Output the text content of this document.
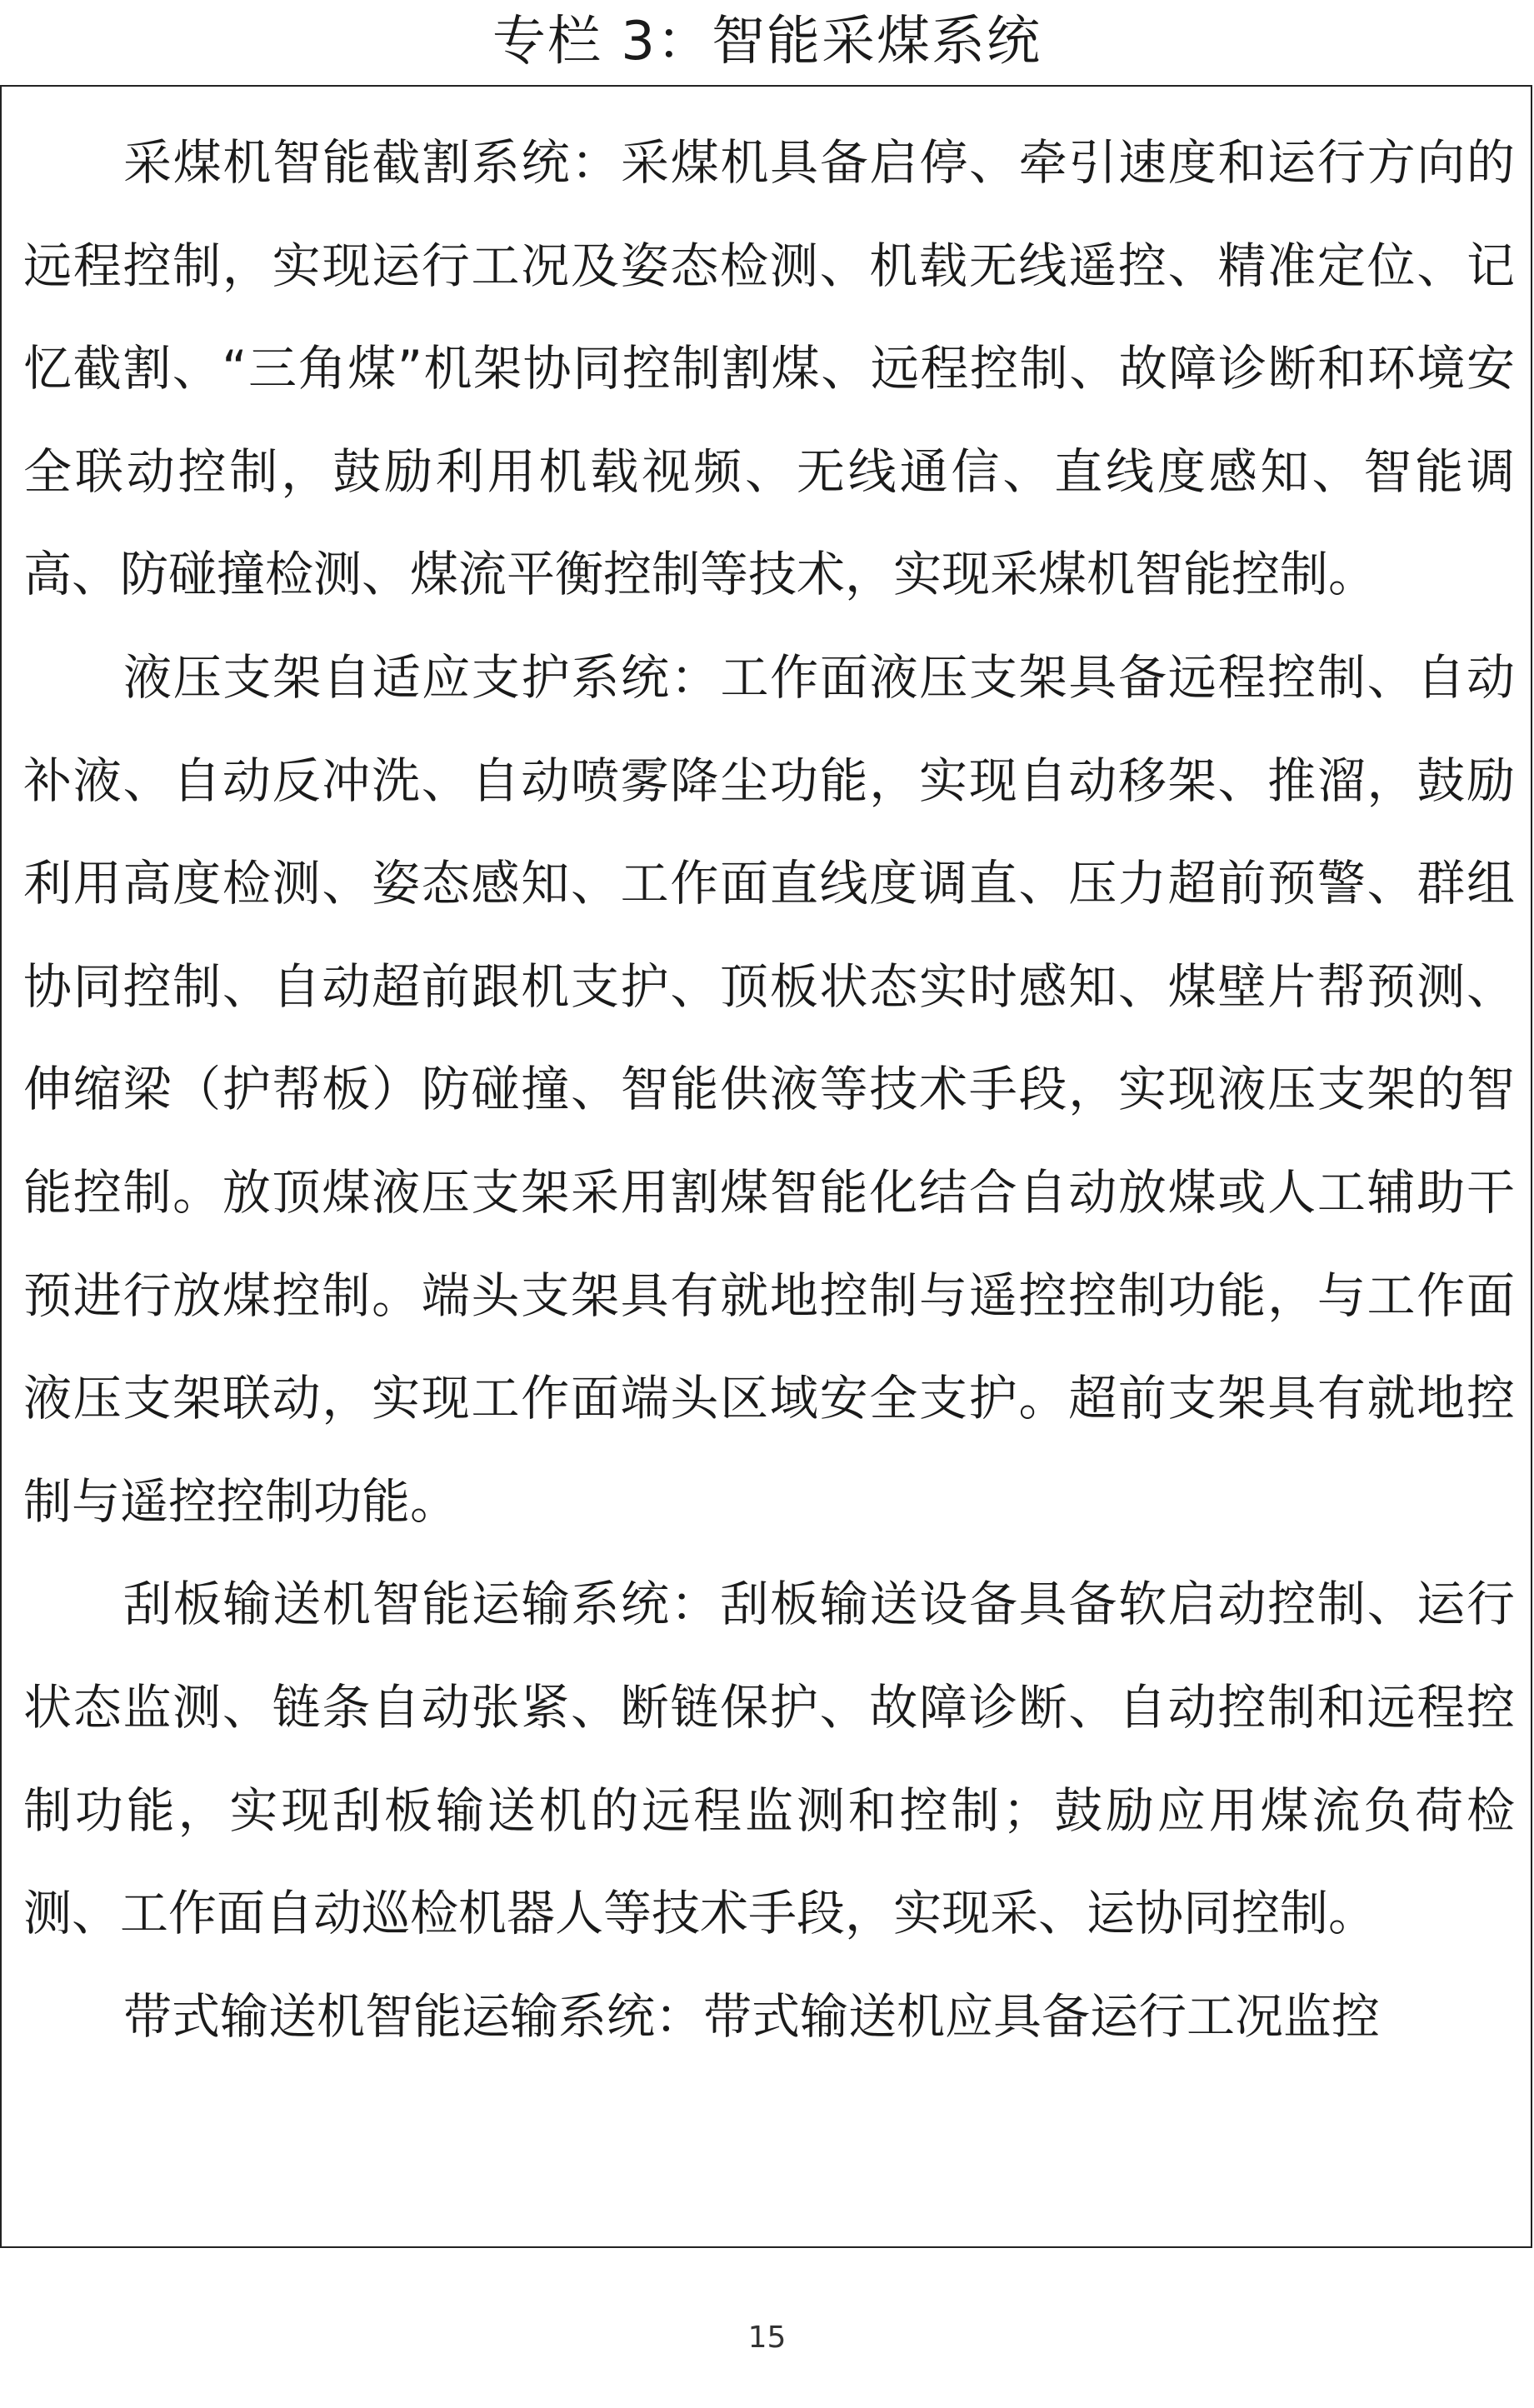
专栏 3：智能采煤系统

采煤机智能截割系统：采煤机具备启停、牵引速度和运行方向的远程控制，实现运行工况及姿态检测、机载无线遥控、精准定位、记忆截割、“三角煤”机架协同控制割煤、远程控制、故障诊断和环境安全联动控制，鼓励利用机载视频、无线通信、直线度感知、智能调高、防碰撞检测、煤流平衡控制等技术，实现采煤机智能控制。

液压支架自适应支护系统：工作面液压支架具备远程控制、自动补液、自动反冲洗、自动喷雾降尘功能，实现自动移架、推溜，鼓励利用高度检测、姿态感知、工作面直线度调直、压力超前预警、群组协同控制、自动超前跟机支护、顶板状态实时感知、煤壁片帮预测、伸缩梁（护帮板）防碰撞、智能供液等技术手段，实现液压支架的智能控制。放顶煤液压支架采用割煤智能化结合自动放煤或人工辅助干预进行放煤控制。端头支架具有就地控制与遥控控制功能，与工作面液压支架联动，实现工作面端头区域安全支护。超前支架具有就地控制与遥控控制功能。

刮板输送机智能运输系统：刮板输送设备具备软启动控制、运行状态监测、链条自动张紧、断链保护、故障诊断、自动控制和远程控制功能，实现刮板输送机的远程监测和控制；鼓励应用煤流负荷检测、工作面自动巡检机器人等技术手段，实现采、运协同控制。

带式输送机智能运输系统：带式输送机应具备运行工况监控

15
